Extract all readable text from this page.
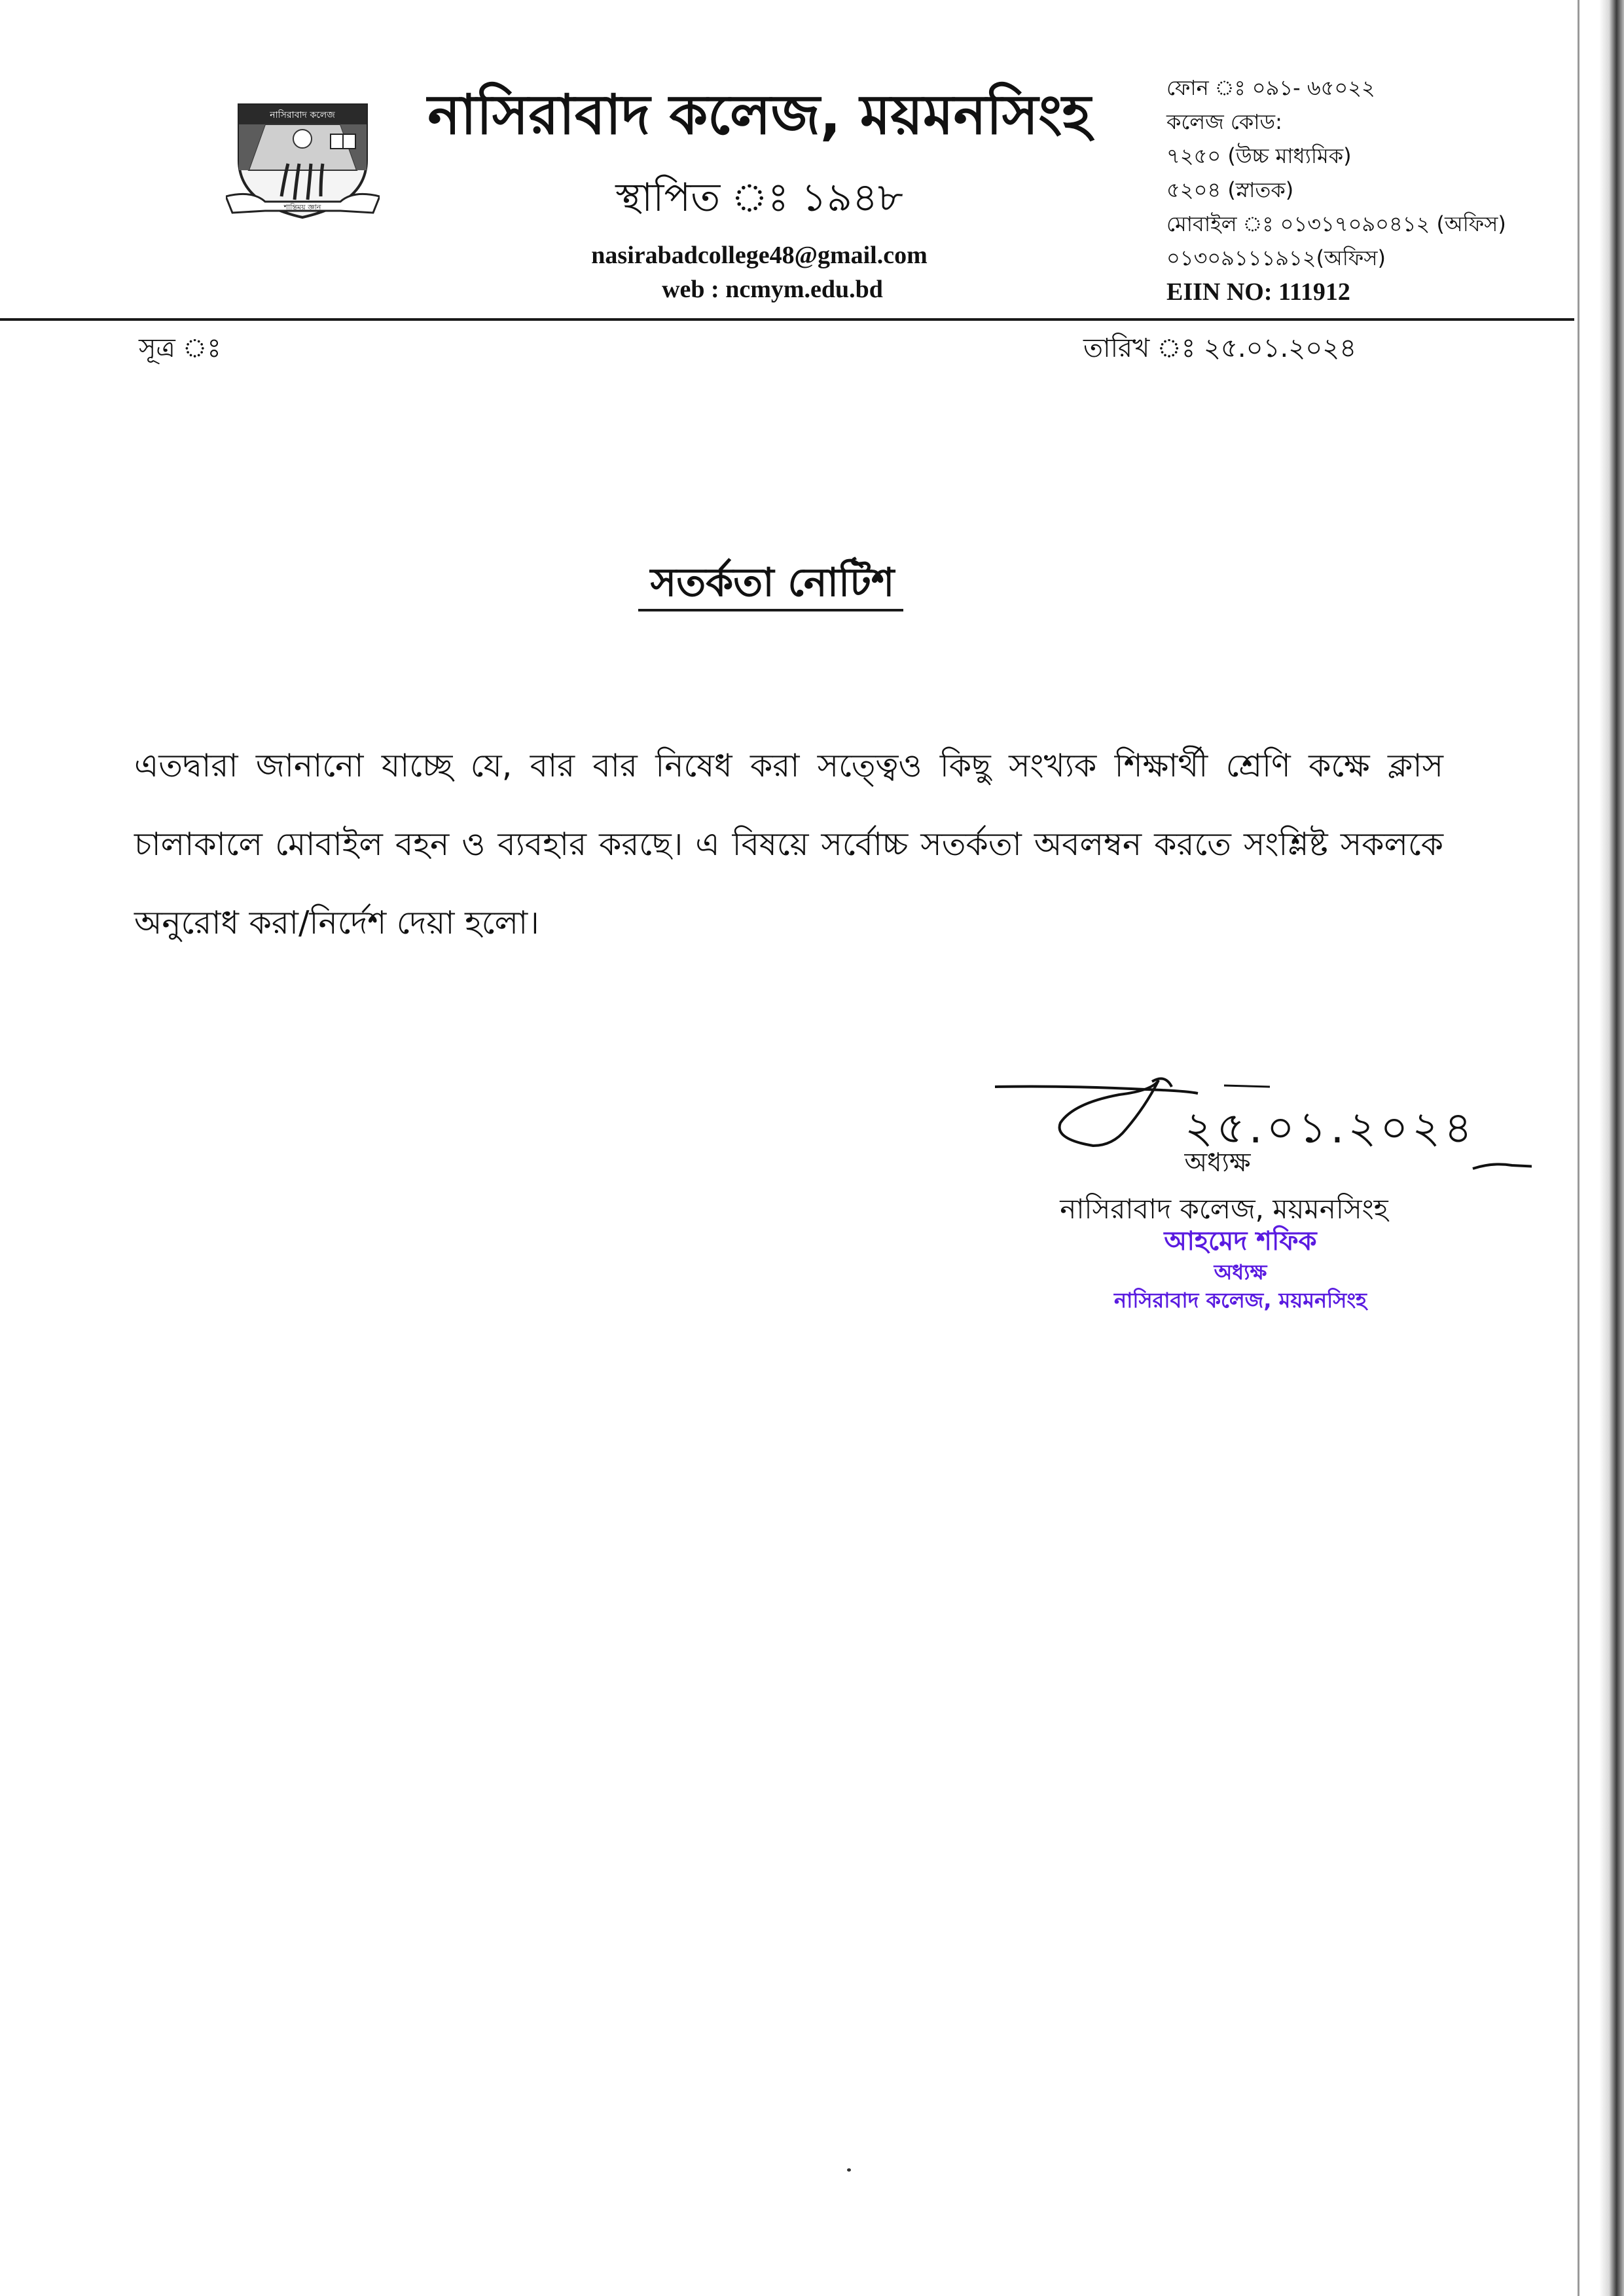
নাসিরাবাদ কলেজ
শান্তিময় জ্ঞান
নাসিরাবাদ কলেজ, ময়মনসিংহ
স্থাপিত ঃ ১৯৪৮
nasirabadcollege48@gmail.com
web : ncmym.edu.bd
ফোন ঃ ০৯১- ৬৫০২২
কলেজ কোড:
৭২৫০ (উচ্চ মাধ্যমিক)
৫২০৪ (স্নাতক)
মোবাইল ঃ ০১৩১৭০৯০৪১২ (অফিস)
০১৩০৯১১১৯১২(অফিস)
EIIN NO: 111912
সূত্র ঃ	তারিখ ঃ ২৫.০১.২০২৪
সতর্কতা নোটিশ
এতদ্বারা জানানো যাচ্ছে যে, বার বার নিষেধ করা সত্ত্বেও কিছু সংখ্যক শিক্ষার্থী শ্রেণি কক্ষে ক্লাস চালাকালে মোবাইল বহন ও ব্যবহার করছে। এ বিষয়ে সর্বোচ্চ সতর্কতা অবলম্বন করতে সংশ্লিষ্ট সকলকে অনুরোধ করা/নির্দেশ দেয়া হলো।
২৫.০১.২০২৪
অধ্যক্ষ
নাসিরাবাদ কলেজ, ময়মনসিংহ
আহমেদ শফিক
অধ্যক্ষ
নাসিরাবাদ কলেজ, ময়মনসিংহ
